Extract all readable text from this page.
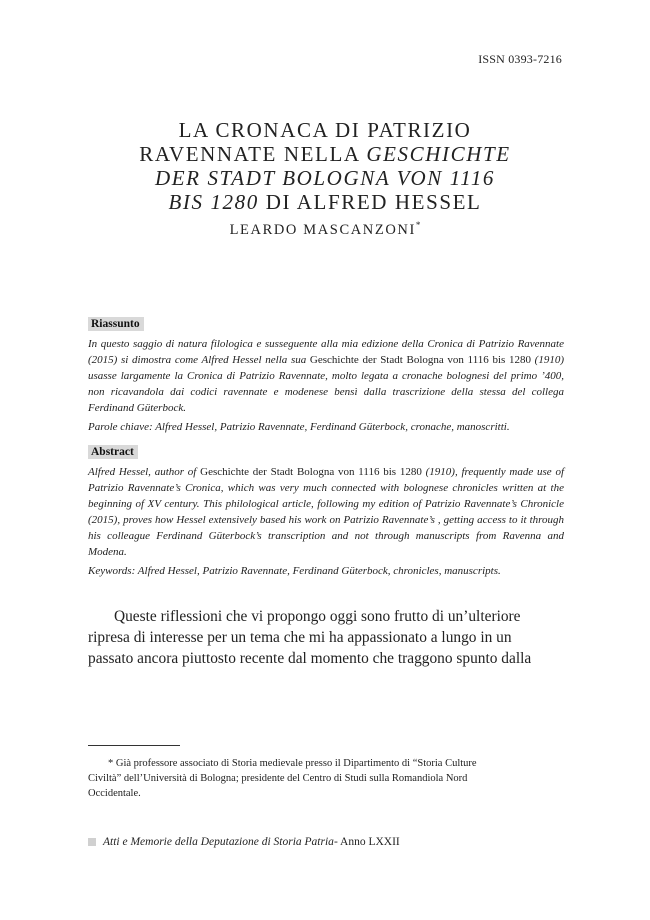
ISSN 0393-7216
LA CRONACA DI PATRIZIO
RAVENNATE NELLA GESCHICHTE
DER STADT BOLOGNA VON 1116
BIS 1280 DI ALFRED HESSEL
LEARDO MASCANZONI*
Riassunto

In questo saggio di natura filologica e susseguente alla mia edizione della Cronica di Patrizio Ravennate (2015) si dimostra come Alfred Hessel nella sua Geschichte der Stadt Bologna von 1116 bis 1280 (1910) usasse largamente la Cronica di Patrizio Ravennate, molto legata a cronache bolognesi del primo ’400, non ricavandola dai codici ravennate e modenese bensì dalla trascrizione della stessa del collega Ferdinand Güterbock.

Parole chiave: Alfred Hessel, Patrizio Ravennate, Ferdinand Güterbock, cronache, manoscritti.

Abstract

Alfred Hessel, author of Geschichte der Stadt Bologna von 1116 bis 1280 (1910), frequently made use of Patrizio Ravennate’s Cronica, which was very much connected with bolognese chronicles written at the beginning of XV century. This philological article, following my edition of Patrizio Ravennate’s Chronicle (2015), proves how Hessel extensively based his work on Patrizio Ravennate’s , getting access to it through his colleague Ferdinand Güterbock’s transcription and not through manuscripts from Ravenna and Modena.

Keywords: Alfred Hessel, Patrizio Ravennate, Ferdinand Güterbock, chronicles, manuscripts.

Queste riflessioni che vi propongo oggi sono frutto di un’ulteriore
ripresa di interesse per un tema che mi ha appassionato a lungo in un
passato ancora piuttosto recente dal momento che traggono spunto dalla

* Già professore associato di Storia medievale presso il Dipartimento di “Storia Culture
Civiltà” dell’Università di Bologna; presidente del Centro di Studi sulla Romandiola Nord
Occidentale.
Atti e Memorie della Deputazione di Storia Patria - Anno LXXII
